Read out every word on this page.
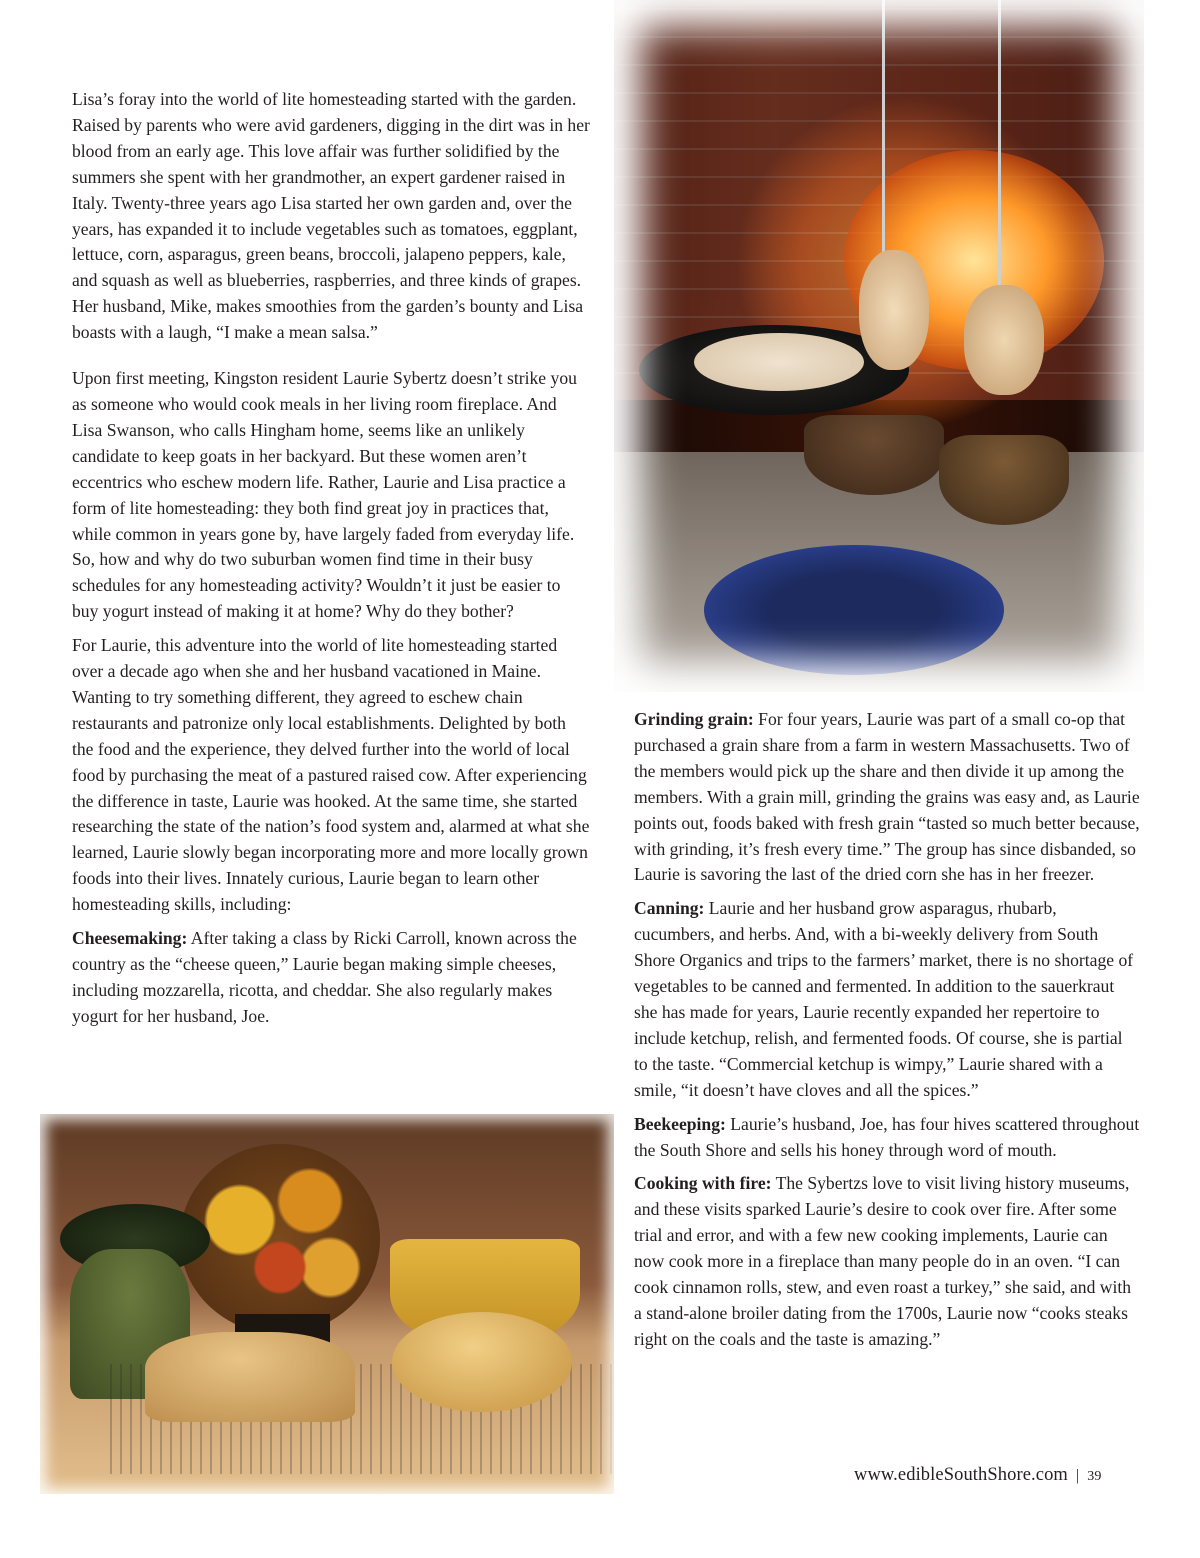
Lisa’s foray into the world of lite homesteading started with the garden. Raised by parents who were avid gardeners, digging in the dirt was in her blood from an early age. This love affair was further solidified by the summers she spent with her grandmother, an expert gardener raised in Italy. Twenty-three years ago Lisa started her own garden and, over the years, has expanded it to include vegetables such as tomatoes, eggplant, lettuce, corn, asparagus, green beans, broccoli, jalapeno peppers, kale, and squash as well as blueberries, raspberries, and three kinds of grapes. Her husband, Mike, makes smoothies from the garden’s bounty and Lisa boasts with a laugh, “I make a mean salsa.”

Upon first meeting, Kingston resident Laurie Sybertz doesn’t strike you as someone who would cook meals in her living room fireplace. And Lisa Swanson, who calls Hingham home, seems like an unlikely candidate to keep goats in her backyard. But these women aren’t eccentrics who eschew modern life. Rather, Laurie and Lisa practice a form of lite homesteading: they both find great joy in practices that, while common in years gone by, have largely faded from everyday life. So, how and why do two suburban women find time in their busy schedules for any homesteading activity? Wouldn’t it just be easier to buy yogurt instead of making it at home? Why do they bother?

For Laurie, this adventure into the world of lite homesteading started over a decade ago when she and her husband vacationed in Maine. Wanting to try something different, they agreed to eschew chain restaurants and patronize only local establishments. Delighted by both the food and the experience, they delved further into the world of local food by purchasing the meat of a pastured raised cow. After experiencing the difference in taste, Laurie was hooked. At the same time, she started researching the state of the nation’s food system and, alarmed at what she learned, Laurie slowly began incorporating more and more locally grown foods into their lives. Innately curious, Laurie began to learn other homesteading skills, including:

Cheesemaking: After taking a class by Ricki Carroll, known across the country as the “cheese queen,” Laurie began making simple cheeses, including mozzarella, ricotta, and cheddar. She also regularly makes yogurt for her husband, Joe.

Grinding grain: For four years, Laurie was part of a small co-op that purchased a grain share from a farm in western Massachusetts. Two of the members would pick up the share and then divide it up among the members. With a grain mill, grinding the grains was easy and, as Laurie points out, foods baked with fresh grain “tasted so much better because, with grinding, it’s fresh every time.” The group has since disbanded, so Laurie is savoring the last of the dried corn she has in her freezer.

Canning: Laurie and her husband grow asparagus, rhubarb, cucumbers, and herbs. And, with a bi-weekly delivery from South Shore Organics and trips to the farmers’ market, there is no shortage of vegetables to be canned and fermented. In addition to the sauerkraut she has made for years, Laurie recently expanded her repertoire to include ketchup, relish, and fermented foods. Of course, she is partial to the taste. “Commercial ketchup is wimpy,” Laurie shared with a smile, “it doesn’t have cloves and all the spices.”

Beekeeping: Laurie’s husband, Joe, has four hives scattered throughout the South Shore and sells his honey through word of mouth.

Cooking with fire: The Sybertzs love to visit living history museums, and these visits sparked Laurie’s desire to cook over fire. After some trial and error, and with a few new cooking implements, Laurie can now cook more in a fireplace than many people do in an oven. “I can cook cinnamon rolls, stew, and even roast a turkey,” she said, and with a stand-alone broiler dating from the 1700s, Laurie now “cooks steaks right on the coals and the taste is amazing.”

www.edibleSouthShore.com | 39
